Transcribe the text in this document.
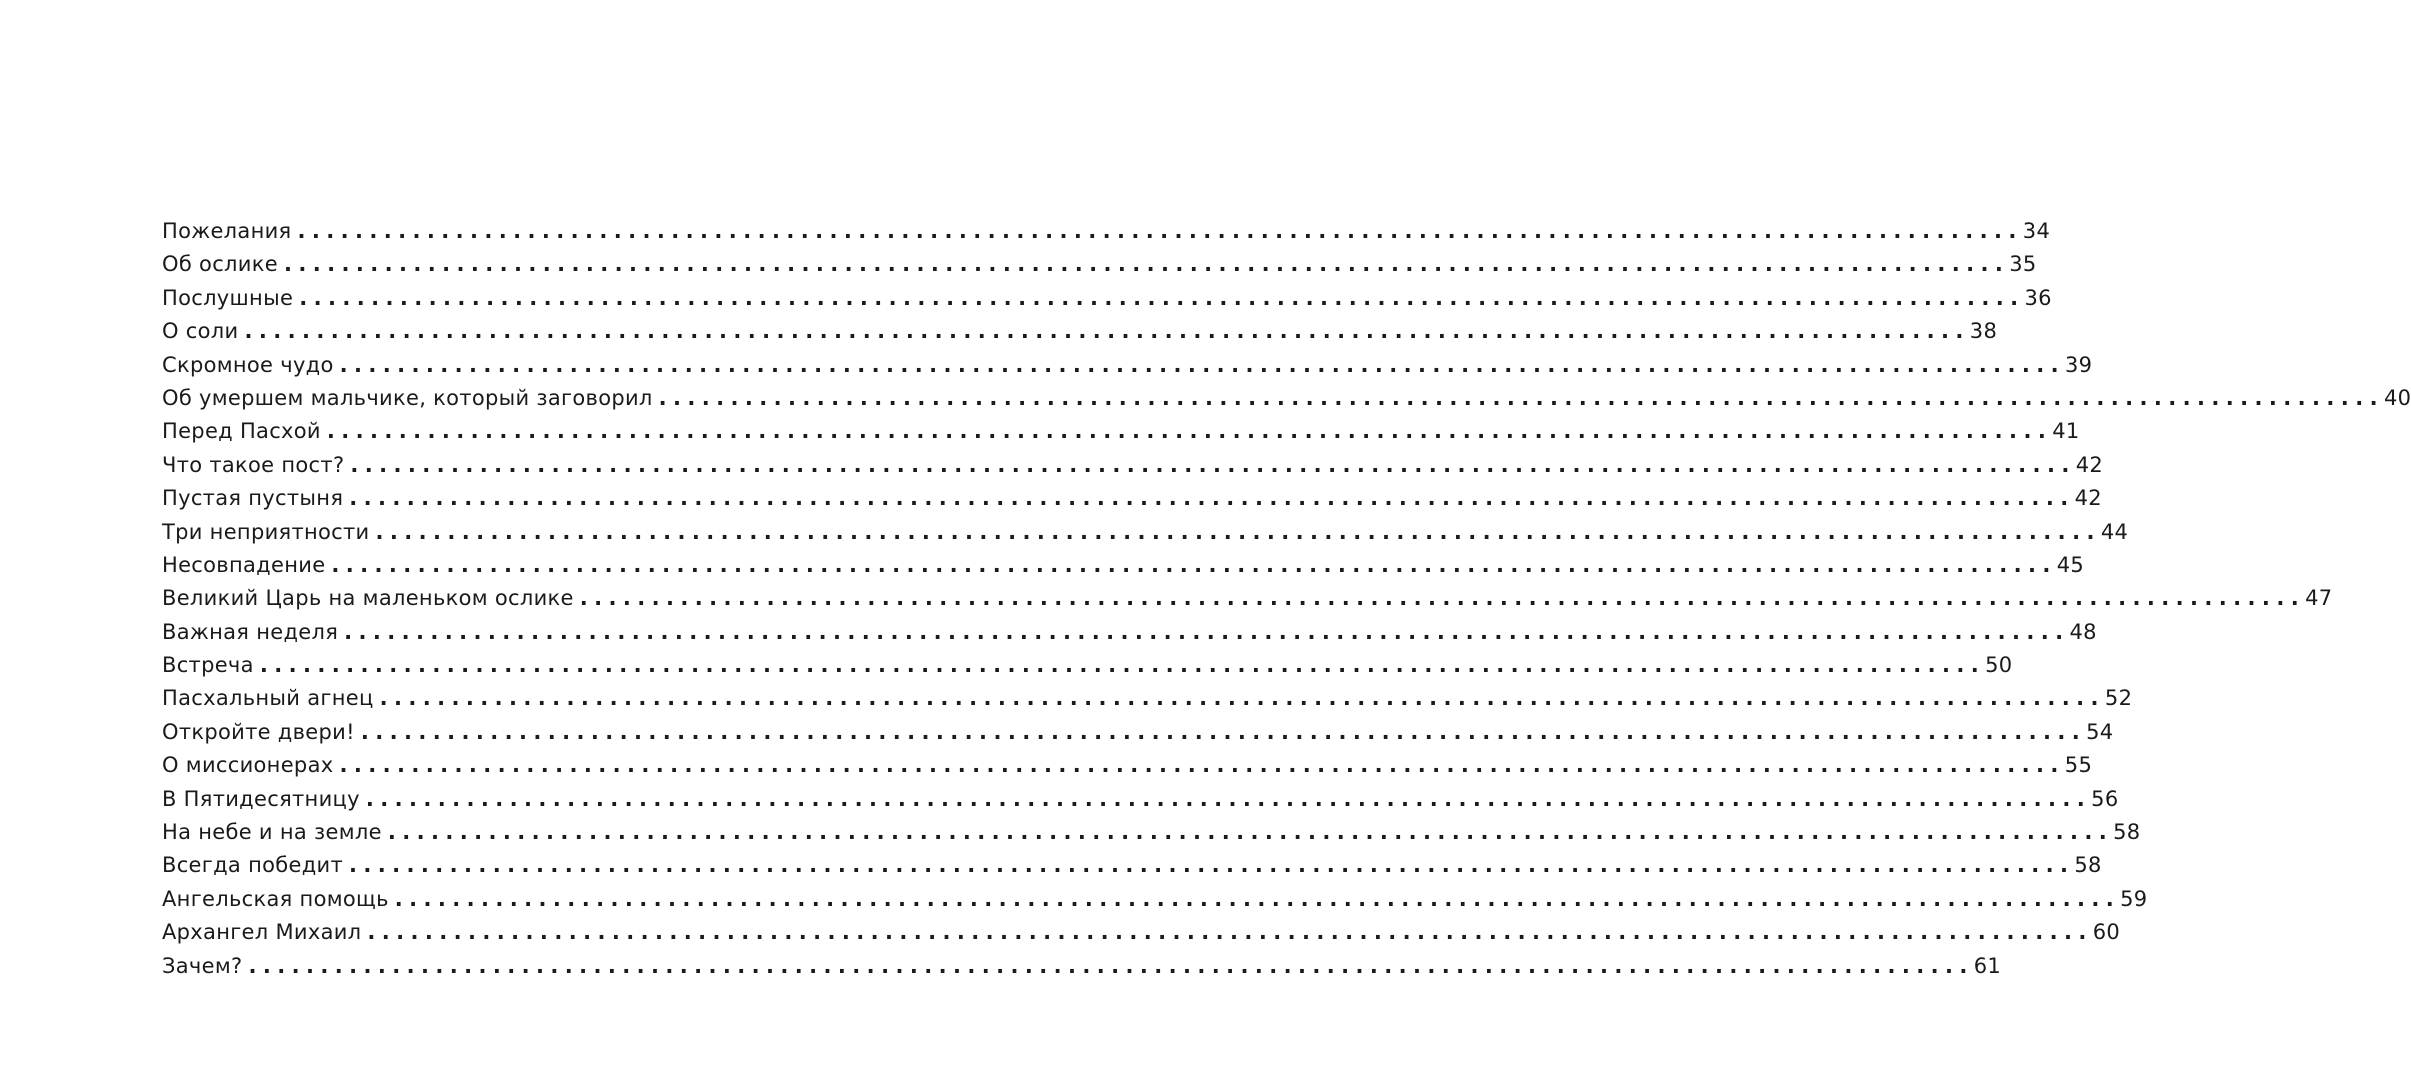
Пожелания ........................................................................................................................ 34
Об ослике ........................................................................................................................ 35
Послушные ........................................................................................................................ 36
О соли ........................................................................................................................ 38
Скромное чудо ........................................................................................................................ 39
Об умершем мальчике, который заговорил ........................................................................................................................ 40
Перед Пасхой ........................................................................................................................ 41
Что такое пост? ........................................................................................................................ 42
Пустая пустыня ........................................................................................................................ 42
Три неприятности ........................................................................................................................ 44
Несовпадение ........................................................................................................................ 45
Великий Царь на маленьком ослике ........................................................................................................................ 47
Важная неделя ........................................................................................................................ 48
Встреча ........................................................................................................................ 50
Пасхальный агнец ........................................................................................................................ 52
Откройте двери! ........................................................................................................................ 54
О миссионерах ........................................................................................................................ 55
В Пятидесятницу ........................................................................................................................ 56
На небе и на земле ........................................................................................................................ 58
Всегда победит ........................................................................................................................ 58
Ангельская помощь ........................................................................................................................ 59
Архангел Михаил ........................................................................................................................ 60
Зачем? ........................................................................................................................ 61
